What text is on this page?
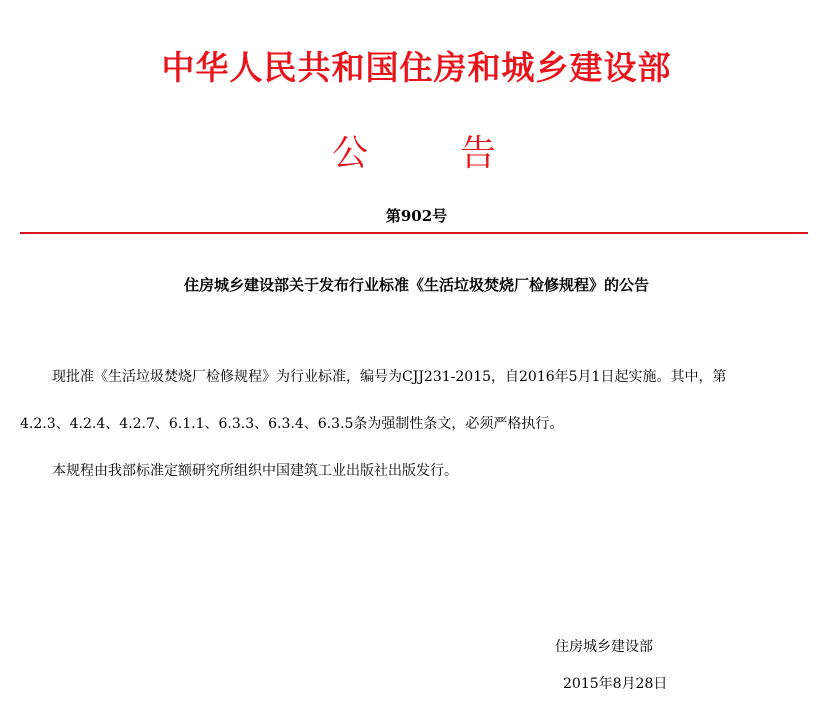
中华人民共和国住房和城乡建设部
公	告
第902号
住房城乡建设部关于发布行业标准《生活垃圾焚烧厂检修规程》的公告
现批准《生活垃圾焚烧厂检修规程》为行业标准，编号为CJJ231-2015，自2016年5月1日起实施。其中，第
4.2.3、4.2.4、4.2.7、6.1.1、6.3.3、6.3.4、6.3.5条为强制性条文，必须严格执行。
本规程由我部标准定额研究所组织中国建筑工业出版社出版发行。
住房城乡建设部
2015年8月28日
